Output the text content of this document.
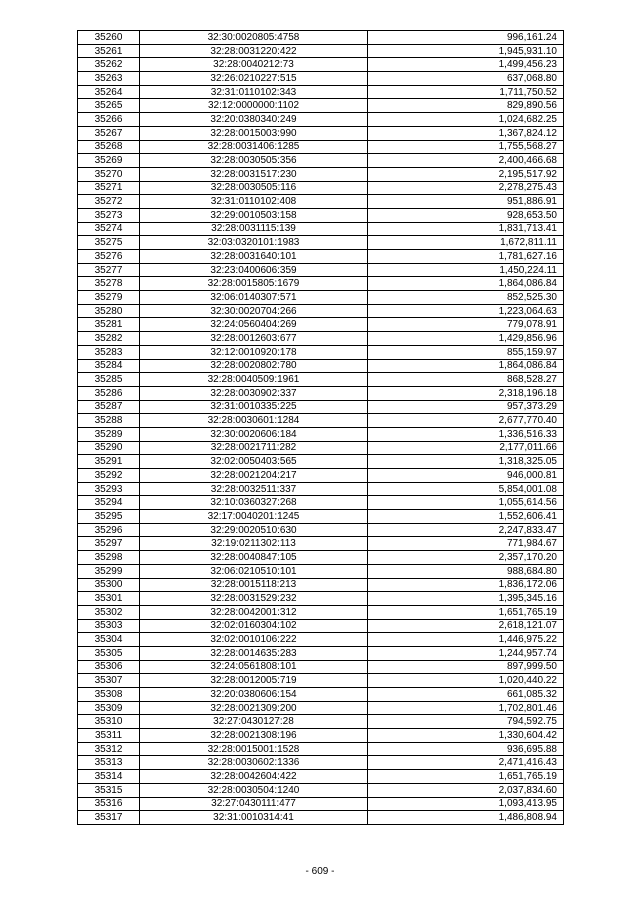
35260	32:30:0020805:4758	996,161.24
35261	32:28:0031220:422	1,945,931.10
35262	32:28:0040212:73	1,499,456.23
35263	32:26:0210227:515	637,068.80
35264	32:31:0110102:343	1,711,750.52
35265	32:12:0000000:1102	829,890.56
35266	32:20:0380340:249	1,024,682.25
35267	32:28:0015003:990	1,367,824.12
35268	32:28:0031406:1285	1,755,568.27
35269	32:28:0030505:356	2,400,466.68
35270	32:28:0031517:230	2,195,517.92
35271	32:28:0030505:116	2,278,275.43
35272	32:31:0110102:408	951,886.91
35273	32:29:0010503:158	928,653.50
35274	32:28:0031115:139	1,831,713.41
35275	32:03:0320101:1983	1,672,811.11
35276	32:28:0031640:101	1,781,627.16
35277	32:23:0400606:359	1,450,224.11
35278	32:28:0015805:1679	1,864,086.84
35279	32:06:0140307:571	852,525.30
35280	32:30:0020704:266	1,223,064.63
35281	32:24:0560404:269	779,078.91
35282	32:28:0012603:677	1,429,856.96
35283	32:12:0010920:178	855,159.97
35284	32:28:0020802:780	1,864,086.84
35285	32:28:0040509:1961	868,528.27
35286	32:28:0030902:337	2,318,196.18
35287	32:31:0010335:225	957,373.29
35288	32:28:0030601:1284	2,677,770.40
35289	32:30:0020606:184	1,336,516.33
35290	32:28:0021711:282	2,177,011.66
35291	32:02:0050403:565	1,318,325.05
35292	32:28:0021204:217	946,000.81
35293	32:28:0032511:337	5,854,001.08
35294	32:10:0360327:268	1,055,614.56
35295	32:17:0040201:1245	1,552,606.41
35296	32:29:0020510:630	2,247,833.47
35297	32:19:0211302:113	771,984.67
35298	32:28:0040847:105	2,357,170.20
35299	32:06:0210510:101	988,684.80
35300	32:28:0015118:213	1,836,172.06
35301	32:28:0031529:232	1,395,345.16
35302	32:28:0042001:312	1,651,765.19
35303	32:02:0160304:102	2,618,121.07
35304	32:02:0010106:222	1,446,975.22
35305	32:28:0014635:283	1,244,957.74
35306	32:24:0561808:101	897,999.50
35307	32:28:0012005:719	1,020,440.22
35308	32:20:0380606:154	661,085.32
35309	32:28:0021309:200	1,702,801.46
35310	32:27:0430127:28	794,592.75
35311	32:28:0021308:196	1,330,604.42
35312	32:28:0015001:1528	936,695.88
35313	32:28:0030602:1336	2,471,416.43
35314	32:28:0042604:422	1,651,765.19
35315	32:28:0030504:1240	2,037,834.60
35316	32:27:0430111:477	1,093,413.95
35317	32:31:0010314:41	1,486,808.94
- 609 -
